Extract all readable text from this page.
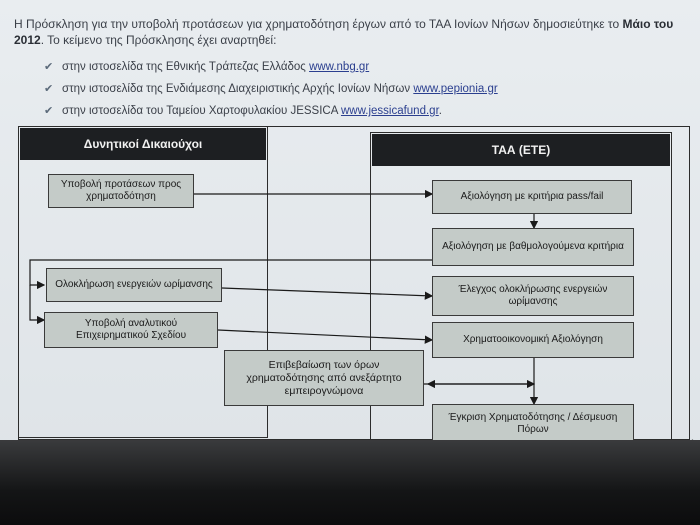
Η Πρόσκληση για την υποβολή προτάσεων για χρηματοδότηση έργων από το ΤΑΑ Ιονίων Νήσων δημοσιεύτηκε το Μάιο του 2012. Το κείμενο της Πρόσκλησης έχει αναρτηθεί:
✔ στην ιστοσελίδα της Εθνικής Τράπεζας Ελλάδος www.nbg.gr
✔ στην ιστοσελίδα της Ενδιάμεσης Διαχειριστικής Αρχής Ιονίων Νήσων www.pepionia.gr
✔ στην ιστοσελίδα του Ταμείου Χαρτοφυλακίου JESSICA www.jessicafund.gr.
Δυνητικοί Δικαιούχοι	ΤΑΑ (ΕΤΕ)
Υποβολή προτάσεων προς χρηματοδότηση
Ολοκλήρωση ενεργειών ωρίμανσης
Υποβολή αναλυτικού Επιχειρηματικού Σχεδίου
Αξιολόγηση με κριτήρια pass/fail
Αξιολόγηση με βαθμολογούμενα κριτήρια
Έλεγχος ολοκλήρωσης ενεργειών ωρίμανσης
Χρηματοοικονομική Αξιολόγηση
Έγκριση Χρηματοδότησης / Δέσμευση Πόρων
Επιβεβαίωση των όρων χρηματοδότησης από ανεξάρτητο εμπειρογνώμονα
